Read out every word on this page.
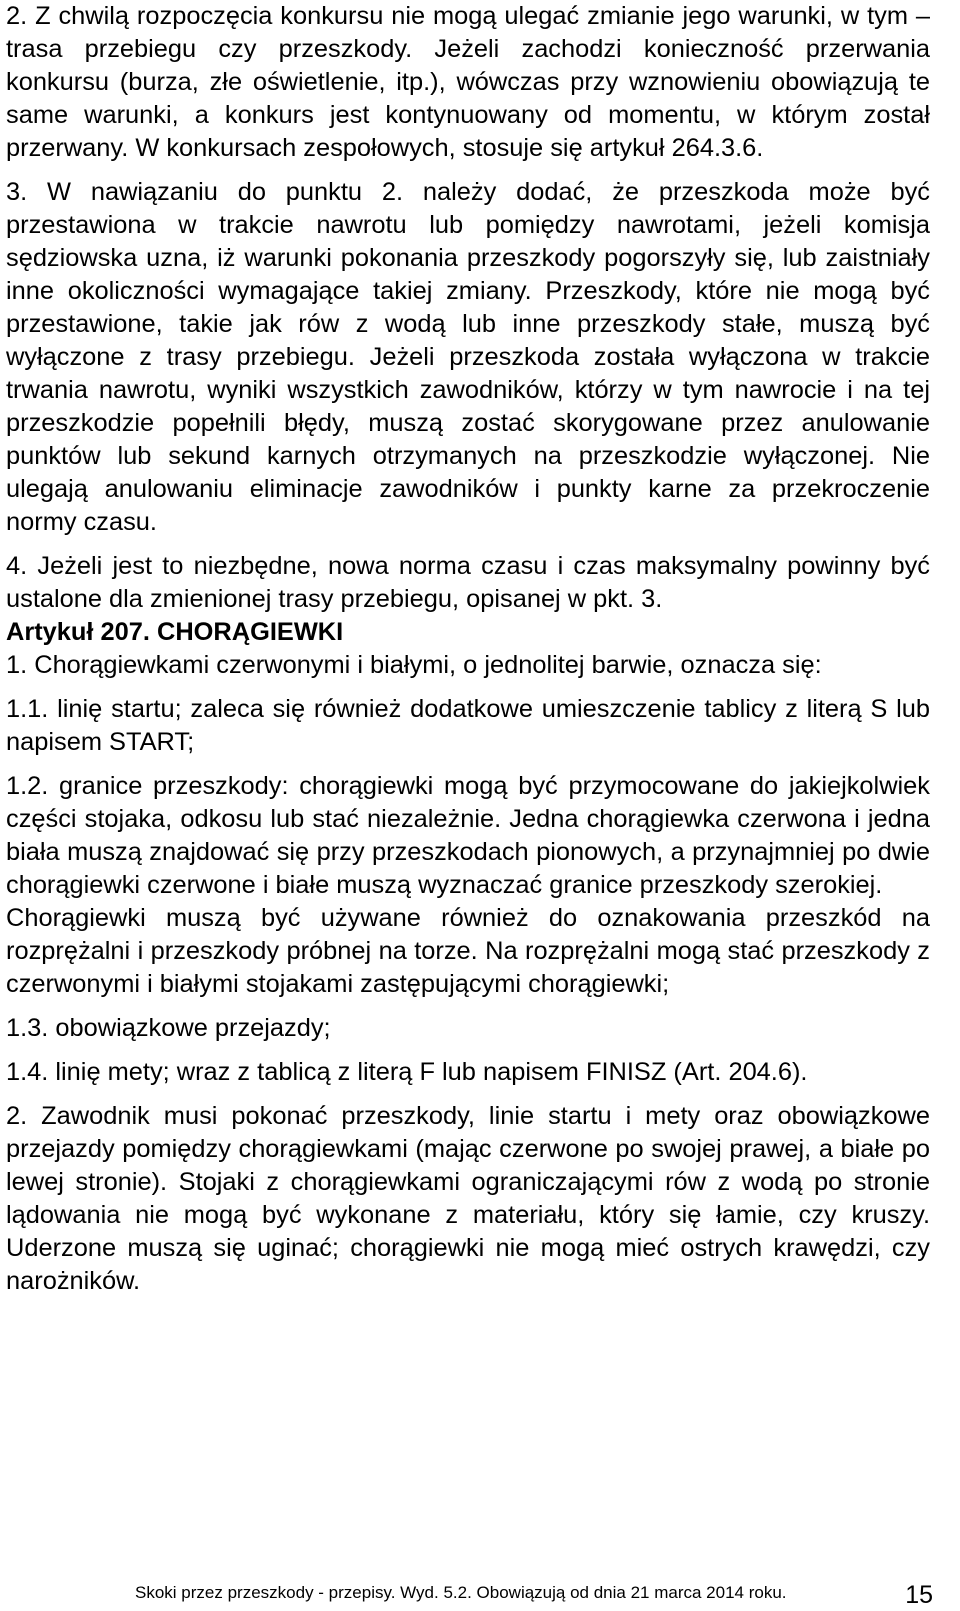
2. Z chwilą rozpoczęcia konkursu nie mogą ulegać zmianie jego warunki, w tym – trasa przebiegu czy przeszkody. Jeżeli zachodzi konieczność przerwania konkursu (burza, złe oświetlenie, itp.), wówczas przy wznowieniu obowiązują te same warunki, a konkurs jest kontynuowany od momentu, w którym został przerwany. W konkursach zespołowych, stosuje się artykuł 264.3.6.

3. W nawiązaniu do punktu 2. należy dodać, że przeszkoda może być przestawiona w trakcie nawrotu lub pomiędzy nawrotami, jeżeli komisja sędziowska uzna, iż warunki pokonania przeszkody pogorszyły się, lub zaistniały inne okoliczności wymagające takiej zmiany. Przeszkody, które nie mogą być przestawione, takie jak rów z wodą lub inne przeszkody stałe, muszą być wyłączone z trasy przebiegu. Jeżeli przeszkoda została wyłączona w trakcie trwania nawrotu, wyniki wszystkich zawodników, którzy w tym nawrocie i na tej przeszkodzie popełnili błędy, muszą zostać skorygowane przez anulowanie punktów lub sekund karnych otrzymanych na przeszkodzie wyłączonej. Nie ulegają anulowaniu eliminacje zawodników i punkty karne za przekroczenie normy czasu.

4. Jeżeli jest to niezbędne, nowa norma czasu i czas maksymalny powinny być ustalone dla zmienionej trasy przebiegu, opisanej w pkt. 3.

Artykuł 207. CHORĄGIEWKI

1. Chorągiewkami czerwonymi i białymi, o jednolitej barwie, oznacza się:

1.1. linię startu; zaleca się również dodatkowe umieszczenie tablicy z literą S lub napisem START;

1.2. granice przeszkody: chorągiewki mogą być przymocowane do jakiejkolwiek części stojaka, odkosu lub stać niezależnie. Jedna chorągiewka czerwona i jedna biała muszą znajdować się przy przeszkodach pionowych, a przynajmniej po dwie chorągiewki czerwone i białe muszą wyznaczać granice przeszkody szerokiej.

Chorągiewki muszą być używane również do oznakowania przeszkód na rozprężalni i przeszkody próbnej na torze. Na rozprężalni mogą stać przeszkody z czerwonymi i białymi stojakami zastępującymi chorągiewki;

1.3. obowiązkowe przejazdy;

1.4. linię mety; wraz z tablicą z literą F lub napisem FINISZ (Art. 204.6).

2. Zawodnik musi pokonać przeszkody, linie startu i mety oraz obowiązkowe przejazdy pomiędzy chorągiewkami (mając czerwone po swojej prawej, a białe po lewej stronie). Stojaki z chorągiewkami ograniczającymi rów z wodą po stronie lądowania nie mogą być wykonane z materiału, który się łamie, czy kruszy. Uderzone muszą się uginać; chorągiewki nie mogą mieć ostrych krawędzi, czy narożników.

Skoki przez przeszkody - przepisy. Wyd. 5.2. Obowiązują od dnia 21 marca 2014 roku.	15
